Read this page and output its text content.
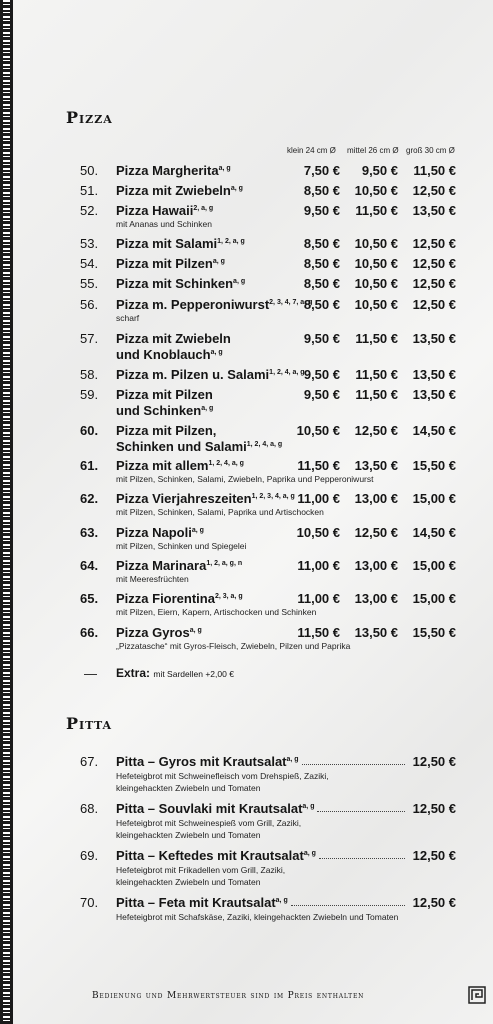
Pizza
klein 24 cm Ø mittel 26 cm Ø groß 30 cm Ø
50. Pizza Margherita$^{a, g}$	7,50 €	9,50 €	11,50 €
51. Pizza mit Zwiebeln$^{a, g}$	8,50 €	10,50 €	12,50 €
52. Pizza Hawaii$^{2, a, g}$
mit Ananas und Schinken
9,50 €	11,50 €	13,50 €
53. Pizza mit Salami$^{1, 2, a, g}$	8,50 €	10,50 €	12,50 €
54. Pizza mit Pilzen$^{a, g}$	8,50 €	10,50 €	12,50 €
55. Pizza mit Schinken$^{a, g}$	8,50 €	10,50 €	12,50 €
56. Pizza m. Pepperoniwurst$^{2, 3, 4, 7, a, g}$
scharf
8,50 €	10,50 €	12,50 €
57. Pizza mit Zwiebeln
und Knoblauch$^{a, g}$
9,50 €	11,50 €	13,50 €
58. Pizza m. Pilzen u. Salami$^{1, 2, 4, a, g}$ 9,50 €	11,50 €	13,50 €
59. Pizza mit Pilzen
und Schinken$^{a, g}$
9,50 €	11,50 €	13,50 €
60. Pizza mit Pilzen,
Schinken und Salami$^{1, 2, 4, a, g}$
10,50 €	12,50 €	14,50 €
61. Pizza mit allem$^{1, 2, 4, a, g}$
mit Pilzen, Schinken, Salami, Zwiebeln, Paprika und Pepperoniwurst
11,50 €	13,50 €	15,50 €
62. Pizza Vierjahreszeiten$^{1, 2, 3, 4, a, g}$
mit Pilzen, Schinken, Salami, Paprika und Artischocken
11,00 €	13,00 €	15,00 €
63. Pizza Napoli$^{a, g}$
mit Pilzen, Schinken und Spiegelei
10,50 €	12,50 €	14,50 €
64. Pizza Marinara$^{1, 2, a, g, n}$
mit Meeresfrüchten
11,00 €	13,00 €	15,00 €
65. Pizza Fiorentina$^{2, 3, a, g}$
mit Pilzen, Eiern, Kapern, Artischocken und Schinken
11,00 €	13,00 €	15,00 €
66. Pizza Gyros$^{a, g}$
„Pizzatasche“ mit Gyros-Fleisch, Zwiebeln, Pilzen und Paprika
11,50 €	13,50 €	15,50 €
— Extra: mit Sardellen +2,00 €
Pitta
67. Pitta – Gyros mit Krautsalat$^{a, g}$	12,50 €
Hefeteigbrot mit Schweinefleisch vom Drehspieß, Zaziki,
kleingehackten Zwiebeln und Tomaten
68. Pitta – Souvlaki mit Krautsalat$^{a, g}$	12,50 €
Hefeteigbrot mit Schweinespieß vom Grill, Zaziki,
kleingehackten Zwiebeln und Tomaten
69. Pitta – Keftedes mit Krautsalat$^{a, g}$	12,50 €
Hefeteigbrot mit Frikadellen vom Grill, Zaziki,
kleingehackten Zwiebeln und Tomaten
70. Pitta – Feta mit Krautsalat$^{a, g}$	12,50 €
Hefeteigbrot mit Schafskäse, Zaziki, kleingehackten Zwiebeln und Tomaten
Bedienung und Mehrwertsteuer sind im Preis enthalten
